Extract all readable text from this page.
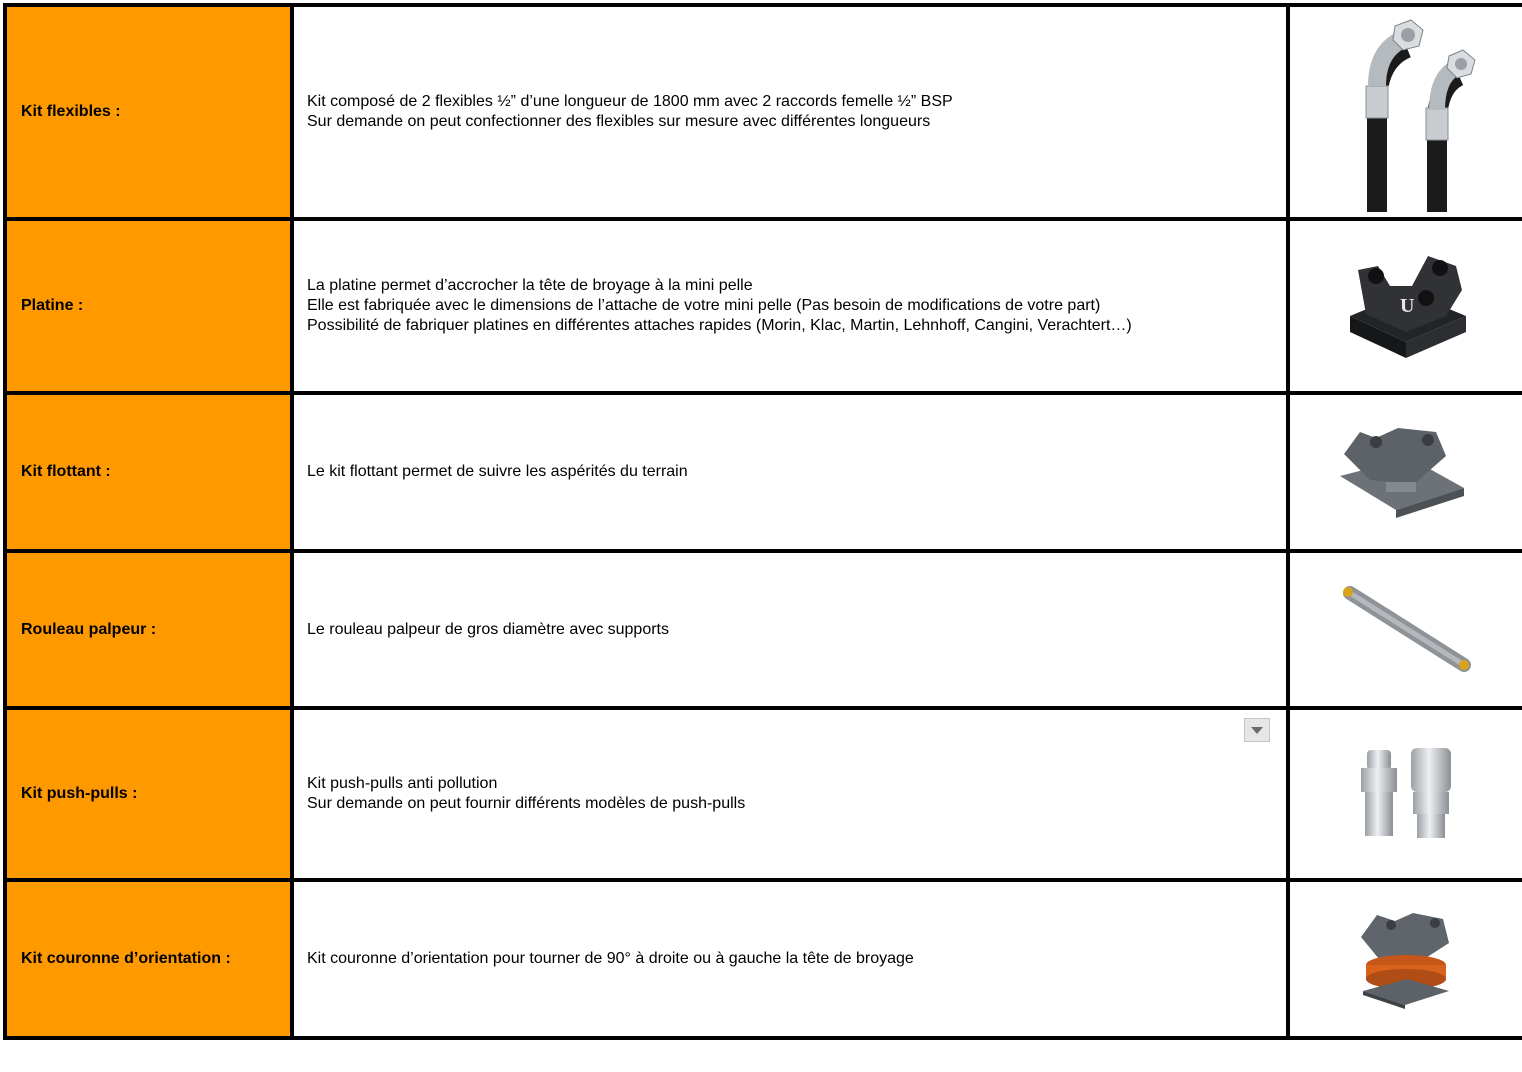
Kit flexibles :	Kit composé de 2 flexibles ½” d’une longueur de 1800 mm avec 2 raccords femelle ½” BSP
Sur demande on peut confectionner des flexibles sur mesure avec différentes longueurs

Platine :	La platine permet d’accrocher la tête de broyage à la mini pelle
Elle est fabriquée avec le dimensions de l’attache de votre mini pelle (Pas besoin de modifications de votre part)
Possibilité de fabriquer platines en différentes attaches rapides (Morin, Klac, Martin, Lehnhoff, Cangini, Verachtert…)	U

Kit flottant :	Le kit flottant permet de suivre les aspérités du terrain

Rouleau palpeur :	Le rouleau palpeur de gros diamètre avec supports

Kit push-pulls :	Kit push-pulls anti pollution
Sur demande on peut fournir différents modèles de push-pulls

Kit couronne d’orientation :	Kit couronne d’orientation pour tourner de 90° à droite ou à gauche la tête de broyage
